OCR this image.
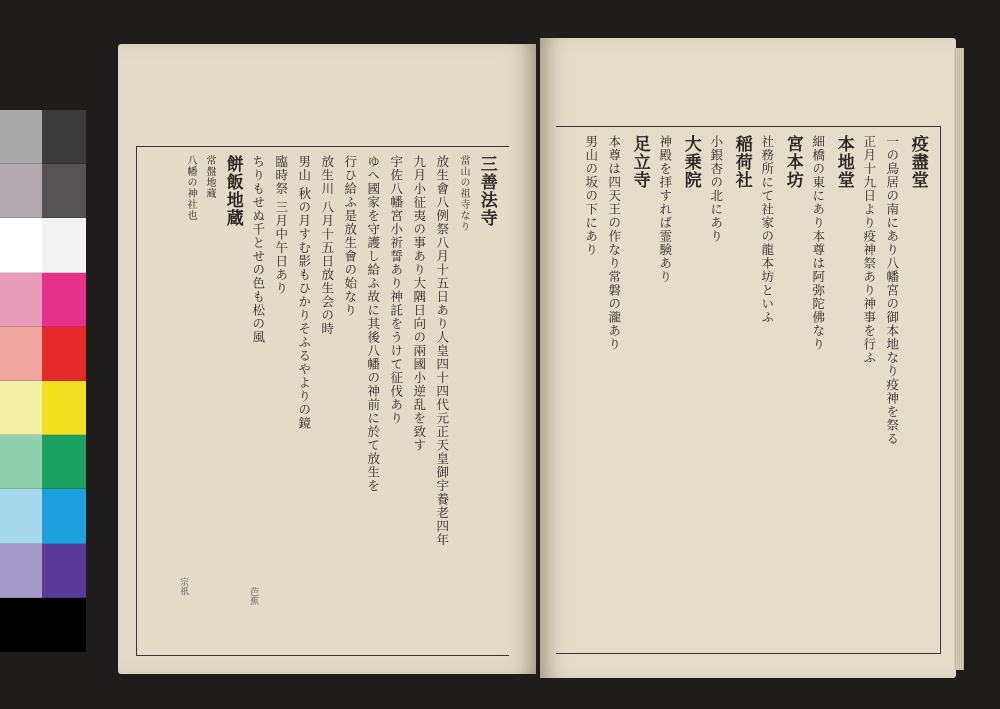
三善法寺
當山の祖寺なり
放生會八例祭八月十五日あり人皇四十四代元正天皇御宇養老四年
九月小征夷の事あり大隅日向の兩國小逆乱を致す
宇佐八幡宮小祈誓あり神託をうけて征伐あり
ゆへ國家を守護し給ふ故に其後八幡の神前に於て放生を
行ひ給ふ是放生會の始なり
放生川 八月十五日放生会の時
男山 秋の月すむ影もひかりそふるやよりの鏡
臨時祭 三月中午日あり
ちりもせぬ千とせの色も松の風
餅飯地蔵
常盤地蔵
八幡の神社也
芭蕉
宗祇
疫盡堂
一の鳥居の南にあり八幡宮の御本地なり疫神を祭る
正月十九日より疫神祭あり神事を行ふ
本地堂
細橋の東にあり本尊は阿弥陀佛なり
宮本坊
社務所にて社家の龍本坊といふ
稲荷社
小銀杏の北にあり
大乗院
神殿を拝すれば霊験あり
足立寺
本尊は四天王の作なり常磐の瀧あり
男山の坂の下にあり
